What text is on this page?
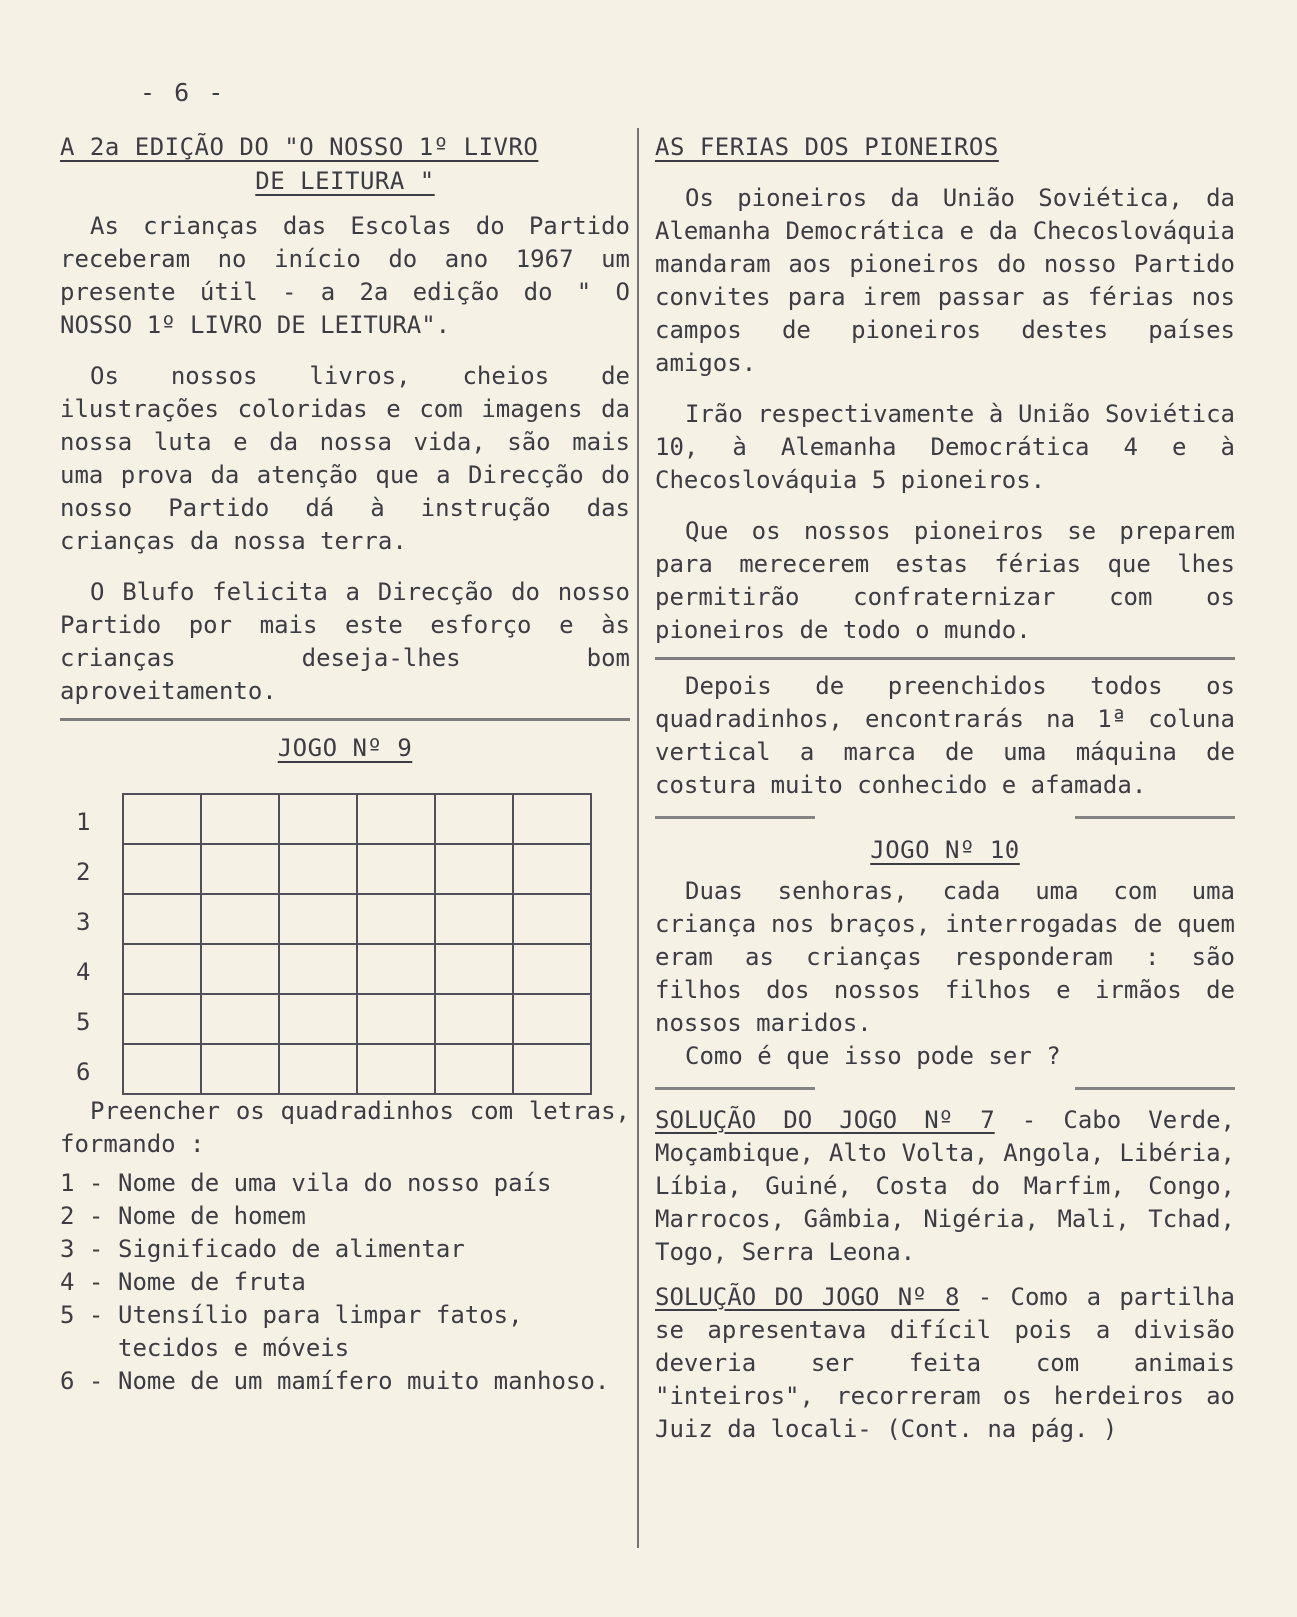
- 6 -
A 2a EDIÇÃO DO "O NOSSO 1º LIVRO
DE LEITURA "

As crianças das Escolas do Partido receberam no início do ano 1967 um presente útil - a 2a edição do " O NOSSO 1º LIVRO DE LEITURA".

Os nossos livros, cheios de ilustrações coloridas e com imagens da nossa luta e da nossa vida, são mais uma prova da atenção que a Direcção do nosso Partido dá à instrução das crianças da nossa terra.

O Blufo felicita a Direcção do nosso Partido por mais este esforço e às crianças deseja-lhes bom aproveitamento.

JOGO Nº 9
1
2
3
4
5
6

Preencher os quadradinhos com letras, formando :

1 - Nome de uma vila do nosso país
2 - Nome de homem
3 - Significado de alimentar
4 - Nome de fruta
5 - Utensílio para limpar fatos, tecidos e móveis
6 - Nome de um mamífero muito manhoso.
AS FERIAS DOS PIONEIROS

Os pioneiros da União Soviética, da Alemanha Democrática e da Checoslováquia mandaram aos pioneiros do nosso Partido convites para irem passar as férias nos campos de pioneiros destes países amigos.

Irão respectivamente à União Soviética 10, à Alemanha Democrática 4 e à Checoslováquia 5 pioneiros.

Que os nossos pioneiros se preparem para merecerem estas férias que lhes permitirão confraternizar com os pioneiros de todo o mundo.

Depois de preenchidos todos os quadradinhos, encontrarás na 1ª coluna vertical a marca de uma máquina de costura muito conhecido e afamada.

JOGO Nº 10

Duas senhoras, cada uma com uma criança nos braços, interrogadas de quem eram as crianças responderam : são filhos dos nossos filhos e irmãos de nossos maridos.

Como é que isso pode ser ?

SOLUÇÃO DO JOGO Nº 7 - Cabo Verde, Moçambique, Alto Volta, Angola, Libéria, Líbia, Guiné, Costa do Marfim, Congo, Marrocos, Gâmbia, Nigéria, Mali, Tchad, Togo, Serra Leona.

SOLUÇÃO DO JOGO Nº 8 - Como a partilha se apresentava difícil pois a divisão deveria ser feita com animais "inteiros", recorreram os herdeiros ao Juiz da locali- (Cont. na pág. )
